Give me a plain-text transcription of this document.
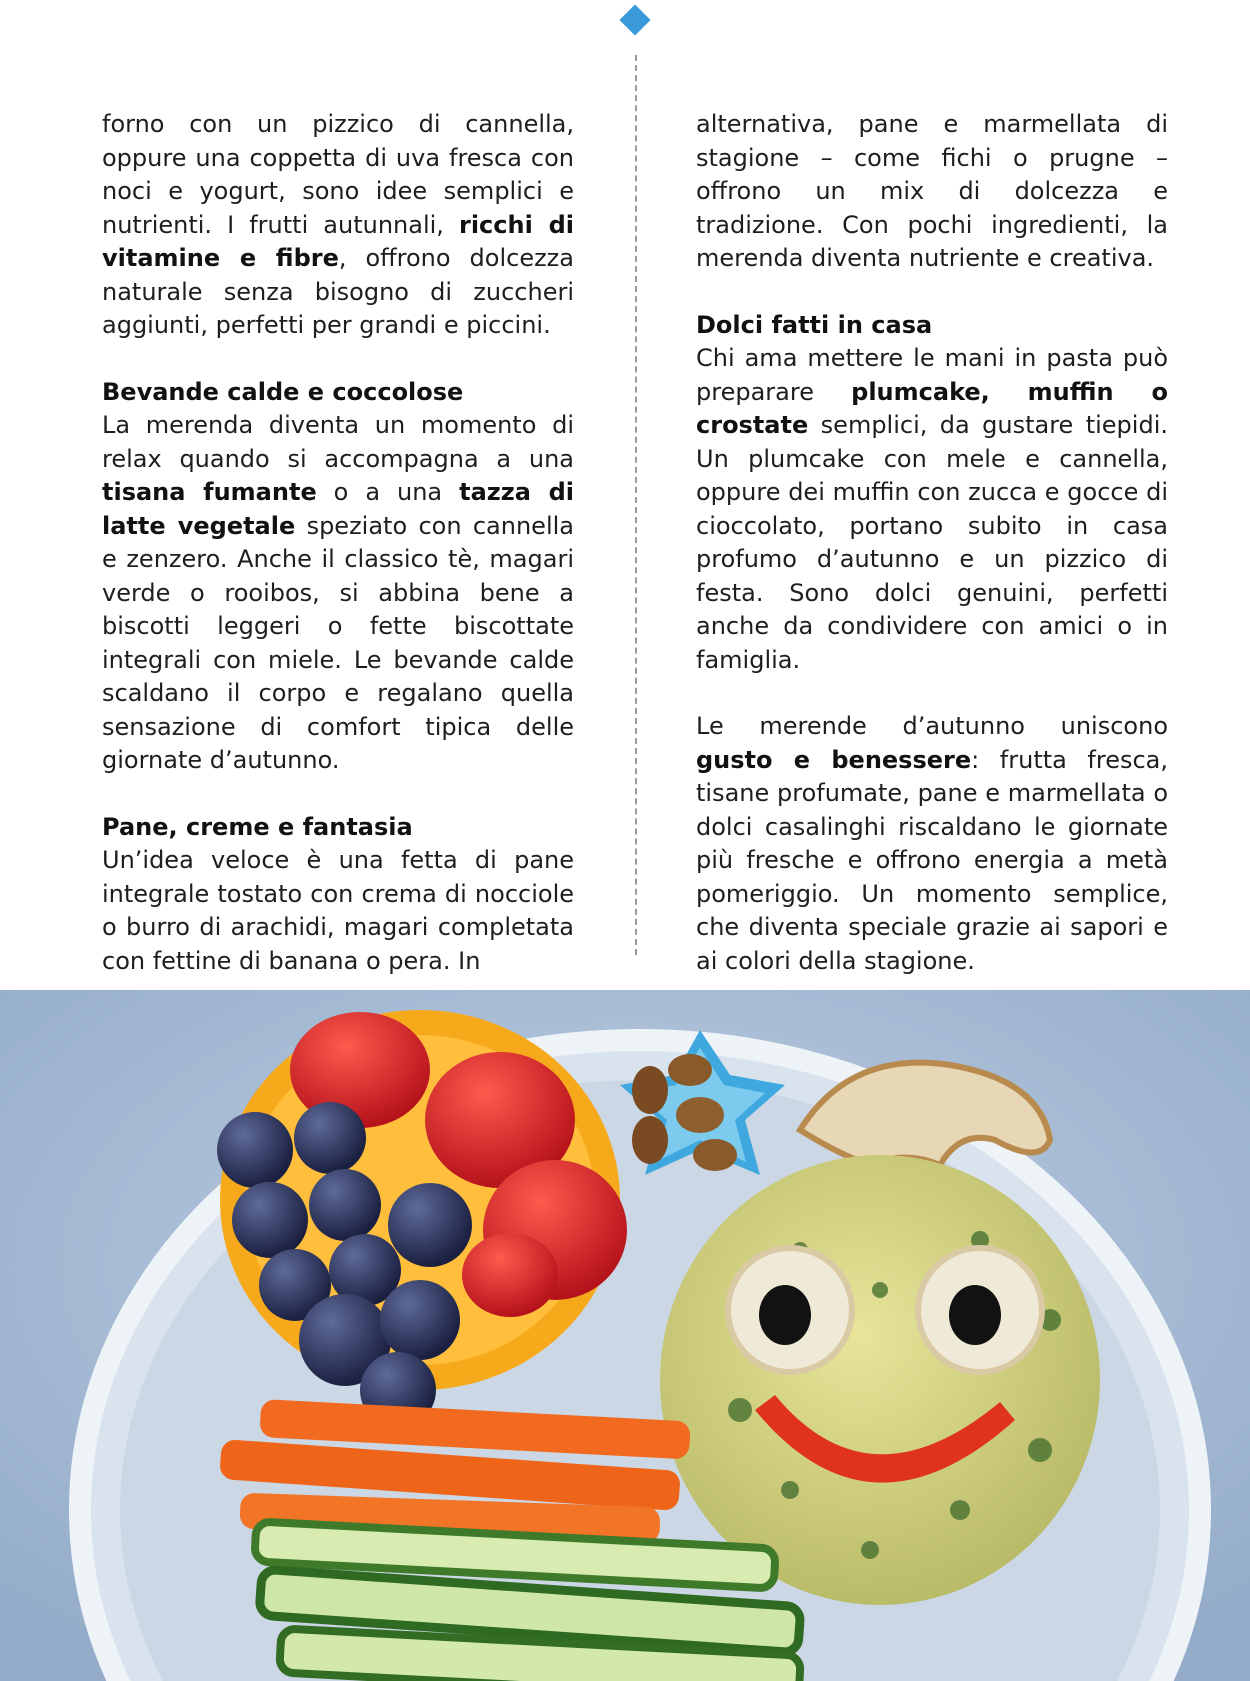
forno con un pizzico di cannella, oppure una coppetta di uva fresca con noci e yogurt, sono idee semplici e nutrienti. I frutti autunnali, ricchi di vitamine e fibre, offrono dolcezza naturale senza bisogno di zuccheri aggiunti, perfetti per grandi e piccini.

Bevande calde e coccolose
La merenda diventa un momento di relax quando si accompagna a una tisana fumante o a una tazza di latte vegetale speziato con cannella e zenzero. Anche il classico tè, magari verde o rooibos, si abbina bene a biscotti leggeri o fette biscottate integrali con miele. Le bevande calde scaldano il corpo e regalano quella sensazione di comfort tipica delle giornate d’autunno.

Pane, creme e fantasia
Un’idea veloce è una fetta di pane integrale tostato con crema di nocciole o burro di arachidi, magari completata con fettine di banana o pera. In

alternativa, pane e marmellata di stagione – come fichi o prugne – offrono un mix di dolcezza e tradizione. Con pochi ingredienti, la merenda diventa nutriente e creativa.

Dolci fatti in casa
Chi ama mettere le mani in pasta può preparare plumcake, muffin o crostate semplici, da gustare tiepidi. Un plumcake con mele e cannella, oppure dei muffin con zucca e gocce di cioccolato, portano subito in casa profumo d’autunno e un pizzico di festa. Sono dolci genuini, perfetti anche da condividere con amici o in famiglia.

Le merende d’autunno uniscono gusto e benessere: frutta fresca, tisane profumate, pane e marmellata o dolci casalinghi riscaldano le giornate più fresche e offrono energia a metà pomeriggio. Un momento semplice, che diventa speciale grazie ai sapori e ai colori della stagione.
